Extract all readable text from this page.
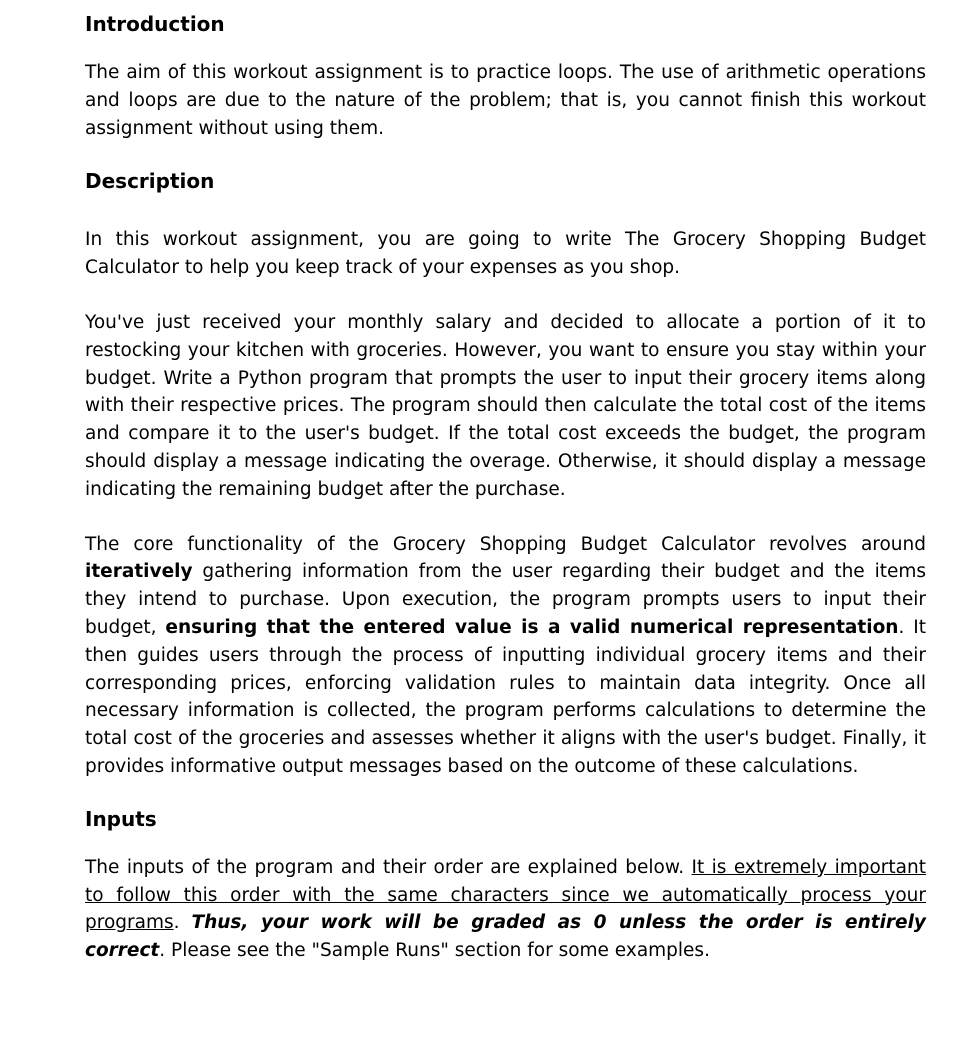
Introduction

The aim of this workout assignment is to practice loops. The use of arithmetic operations and loops are due to the nature of the problem; that is, you cannot finish this workout assignment without using them.

Description

In this workout assignment, you are going to write The Grocery Shopping Budget Calculator to help you keep track of your expenses as you shop.

You've just received your monthly salary and decided to allocate a portion of it to restocking your kitchen with groceries. However, you want to ensure you stay within your budget. Write a Python program that prompts the user to input their grocery items along with their respective prices. The program should then calculate the total cost of the items and compare it to the user's budget. If the total cost exceeds the budget, the program should display a message indicating the overage. Otherwise, it should display a message indicating the remaining budget after the purchase.

The core functionality of the Grocery Shopping Budget Calculator revolves around iteratively gathering information from the user regarding their budget and the items they intend to purchase. Upon execution, the program prompts users to input their budget, ensuring that the entered value is a valid numerical representation. It then guides users through the process of inputting individual grocery items and their corresponding prices, enforcing validation rules to maintain data integrity. Once all necessary information is collected, the program performs calculations to determine the total cost of the groceries and assesses whether it aligns with the user's budget. Finally, it provides informative output messages based on the outcome of these calculations.

Inputs

The inputs of the program and their order are explained below. It is extremely important to follow this order with the same characters since we automatically process your programs. Thus, your work will be graded as 0 unless the order is entirely correct. Please see the "Sample Runs" section for some examples.
